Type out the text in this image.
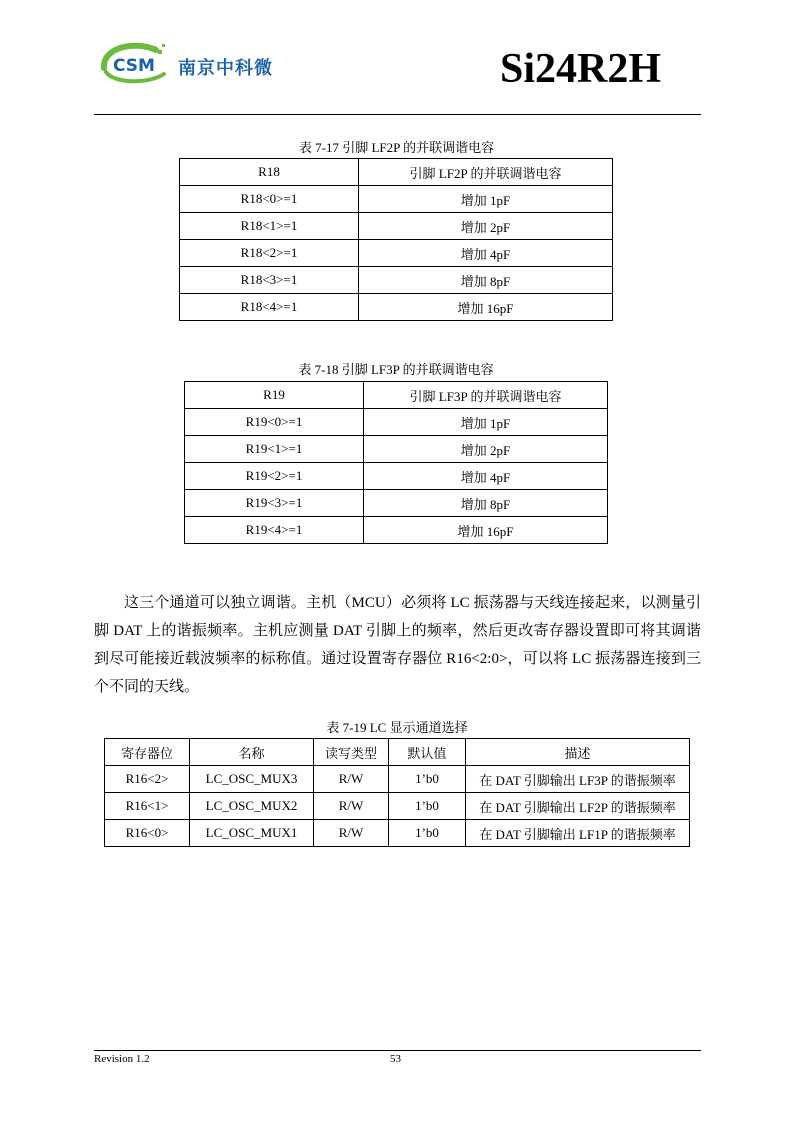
CSM 南京中科微	Si24R2H
表 7-17 引脚 LF2P 的并联调谐电容
R18	引脚 LF2P 的并联调谐电容
R18<0>=1	增加 1pF
R18<1>=1	增加 2pF
R18<2>=1	增加 4pF
R18<3>=1	增加 8pF
R18<4>=1	增加 16pF
表 7-18 引脚 LF3P 的并联调谐电容
R19	引脚 LF3P 的并联调谐电容
R19<0>=1	增加 1pF
R19<1>=1	增加 2pF
R19<2>=1	增加 4pF
R19<3>=1	增加 8pF
R19<4>=1	增加 16pF

这三个通道可以独立调谐。主机（MCU）必须将 LC 振荡器与天线连接起来，以测量引脚 DAT 上的谐振频率。主机应测量 DAT 引脚上的频率，然后更改寄存器设置即可将其调谐到尽可能接近载波频率的标称值。通过设置寄存器位 R16<2:0>，可以将 LC 振荡器连接到三个不同的天线。

表 7-19 LC 显示通道选择
寄存器位	名称	读写类型	默认值	描述
R16<2>	LC_OSC_MUX3	R/W	1’b0	在 DAT 引脚输出 LF3P 的谐振频率
R16<1>	LC_OSC_MUX2	R/W	1’b0	在 DAT 引脚输出 LF2P 的谐振频率
R16<0>	LC_OSC_MUX1	R/W	1’b0	在 DAT 引脚输出 LF1P 的谐振频率
Revision 1.2	53
